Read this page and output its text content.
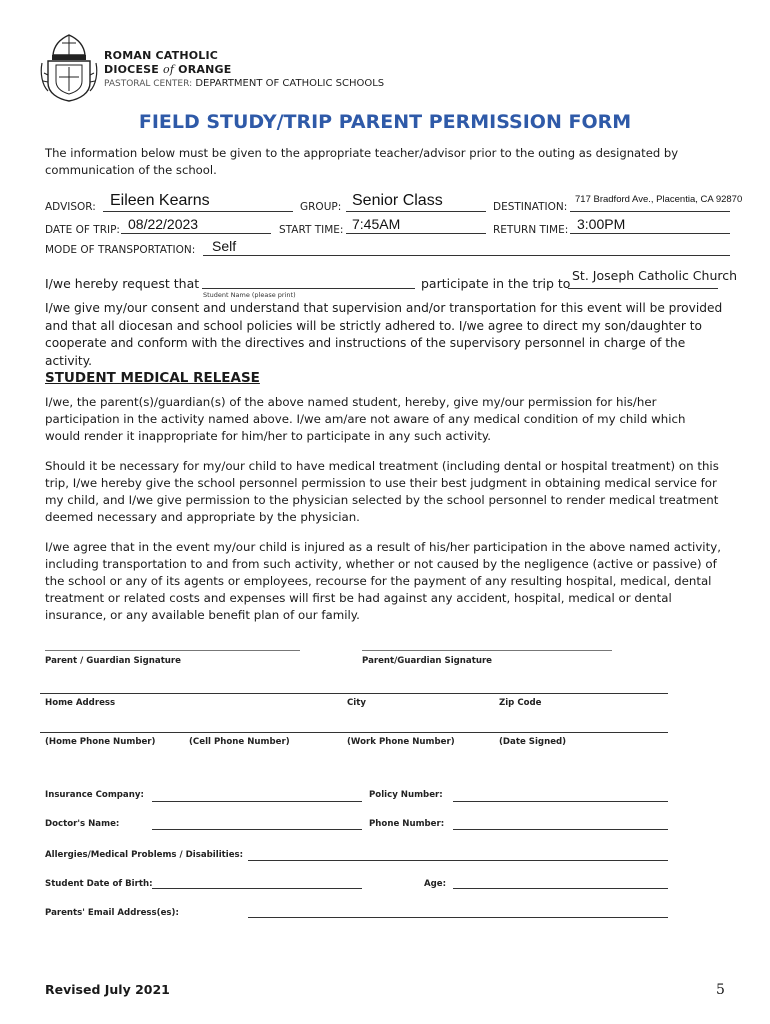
ROMAN CATHOLIC
DIOCESE of ORANGE
PASTORAL CENTER: DEPARTMENT OF CATHOLIC SCHOOLS
FIELD STUDY/TRIP PARENT PERMISSION FORM
The information below must be given to the appropriate teacher/advisor prior to the outing as designated by communication of the school.
ADVISOR: Eileen Kearns	GROUP: Senior Class	DESTINATION:
717 Bradford Ave., Placentia, CA 92870
DATE OF TRIP: 08/22/2023	START TIME: 7:45AM	RETURN TIME: 3:00PM
MODE OF TRANSPORTATION: Self
I/we hereby request that
Student Name (please print)
participate in the trip to
St. Joseph Catholic Church
I/we give my/our consent and understand that supervision and/or transportation for this event will be provided and that all diocesan and school policies will be strictly adhered to. I/we agree to direct my son/daughter to cooperate and conform with the directives and instructions of the supervisory personnel in charge of the activity.
STUDENT MEDICAL RELEASE
I/we, the parent(s)/guardian(s) of the above named student, hereby, give my/our permission for his/her participation in the activity named above. I/we am/are not aware of any medical condition of my child which would render it inappropriate for him/her to participate in any such activity.
Should it be necessary for my/our child to have medical treatment (including dental or hospital treatment) on this trip, I/we hereby give the school personnel permission to use their best judgment in obtaining medical service for my child, and I/we give permission to the physician selected by the school personnel to render medical treatment deemed necessary and appropriate by the physician.
I/we agree that in the event my/our child is injured as a result of his/her participation in the above named activity, including transportation to and from such activity, whether or not caused by the negligence (active or passive) of the school or any of its agents or employees, recourse for the payment of any resulting hospital, medical, dental treatment or related costs and expenses will first be had against any accident, hospital, medical or dental insurance, or any available benefit plan of our family.
Parent / Guardian Signature	Parent/Guardian Signature
Home Address	City	Zip Code
(Home Phone Number)	(Cell Phone Number)	(Work Phone Number)	(Date Signed)
Insurance Company:	Policy Number:
Doctor's Name:	Phone Number:
Allergies/Medical Problems / Disabilities:
Student Date of Birth:	Age:
Parents' Email Address(es):
Revised July 2021	5
